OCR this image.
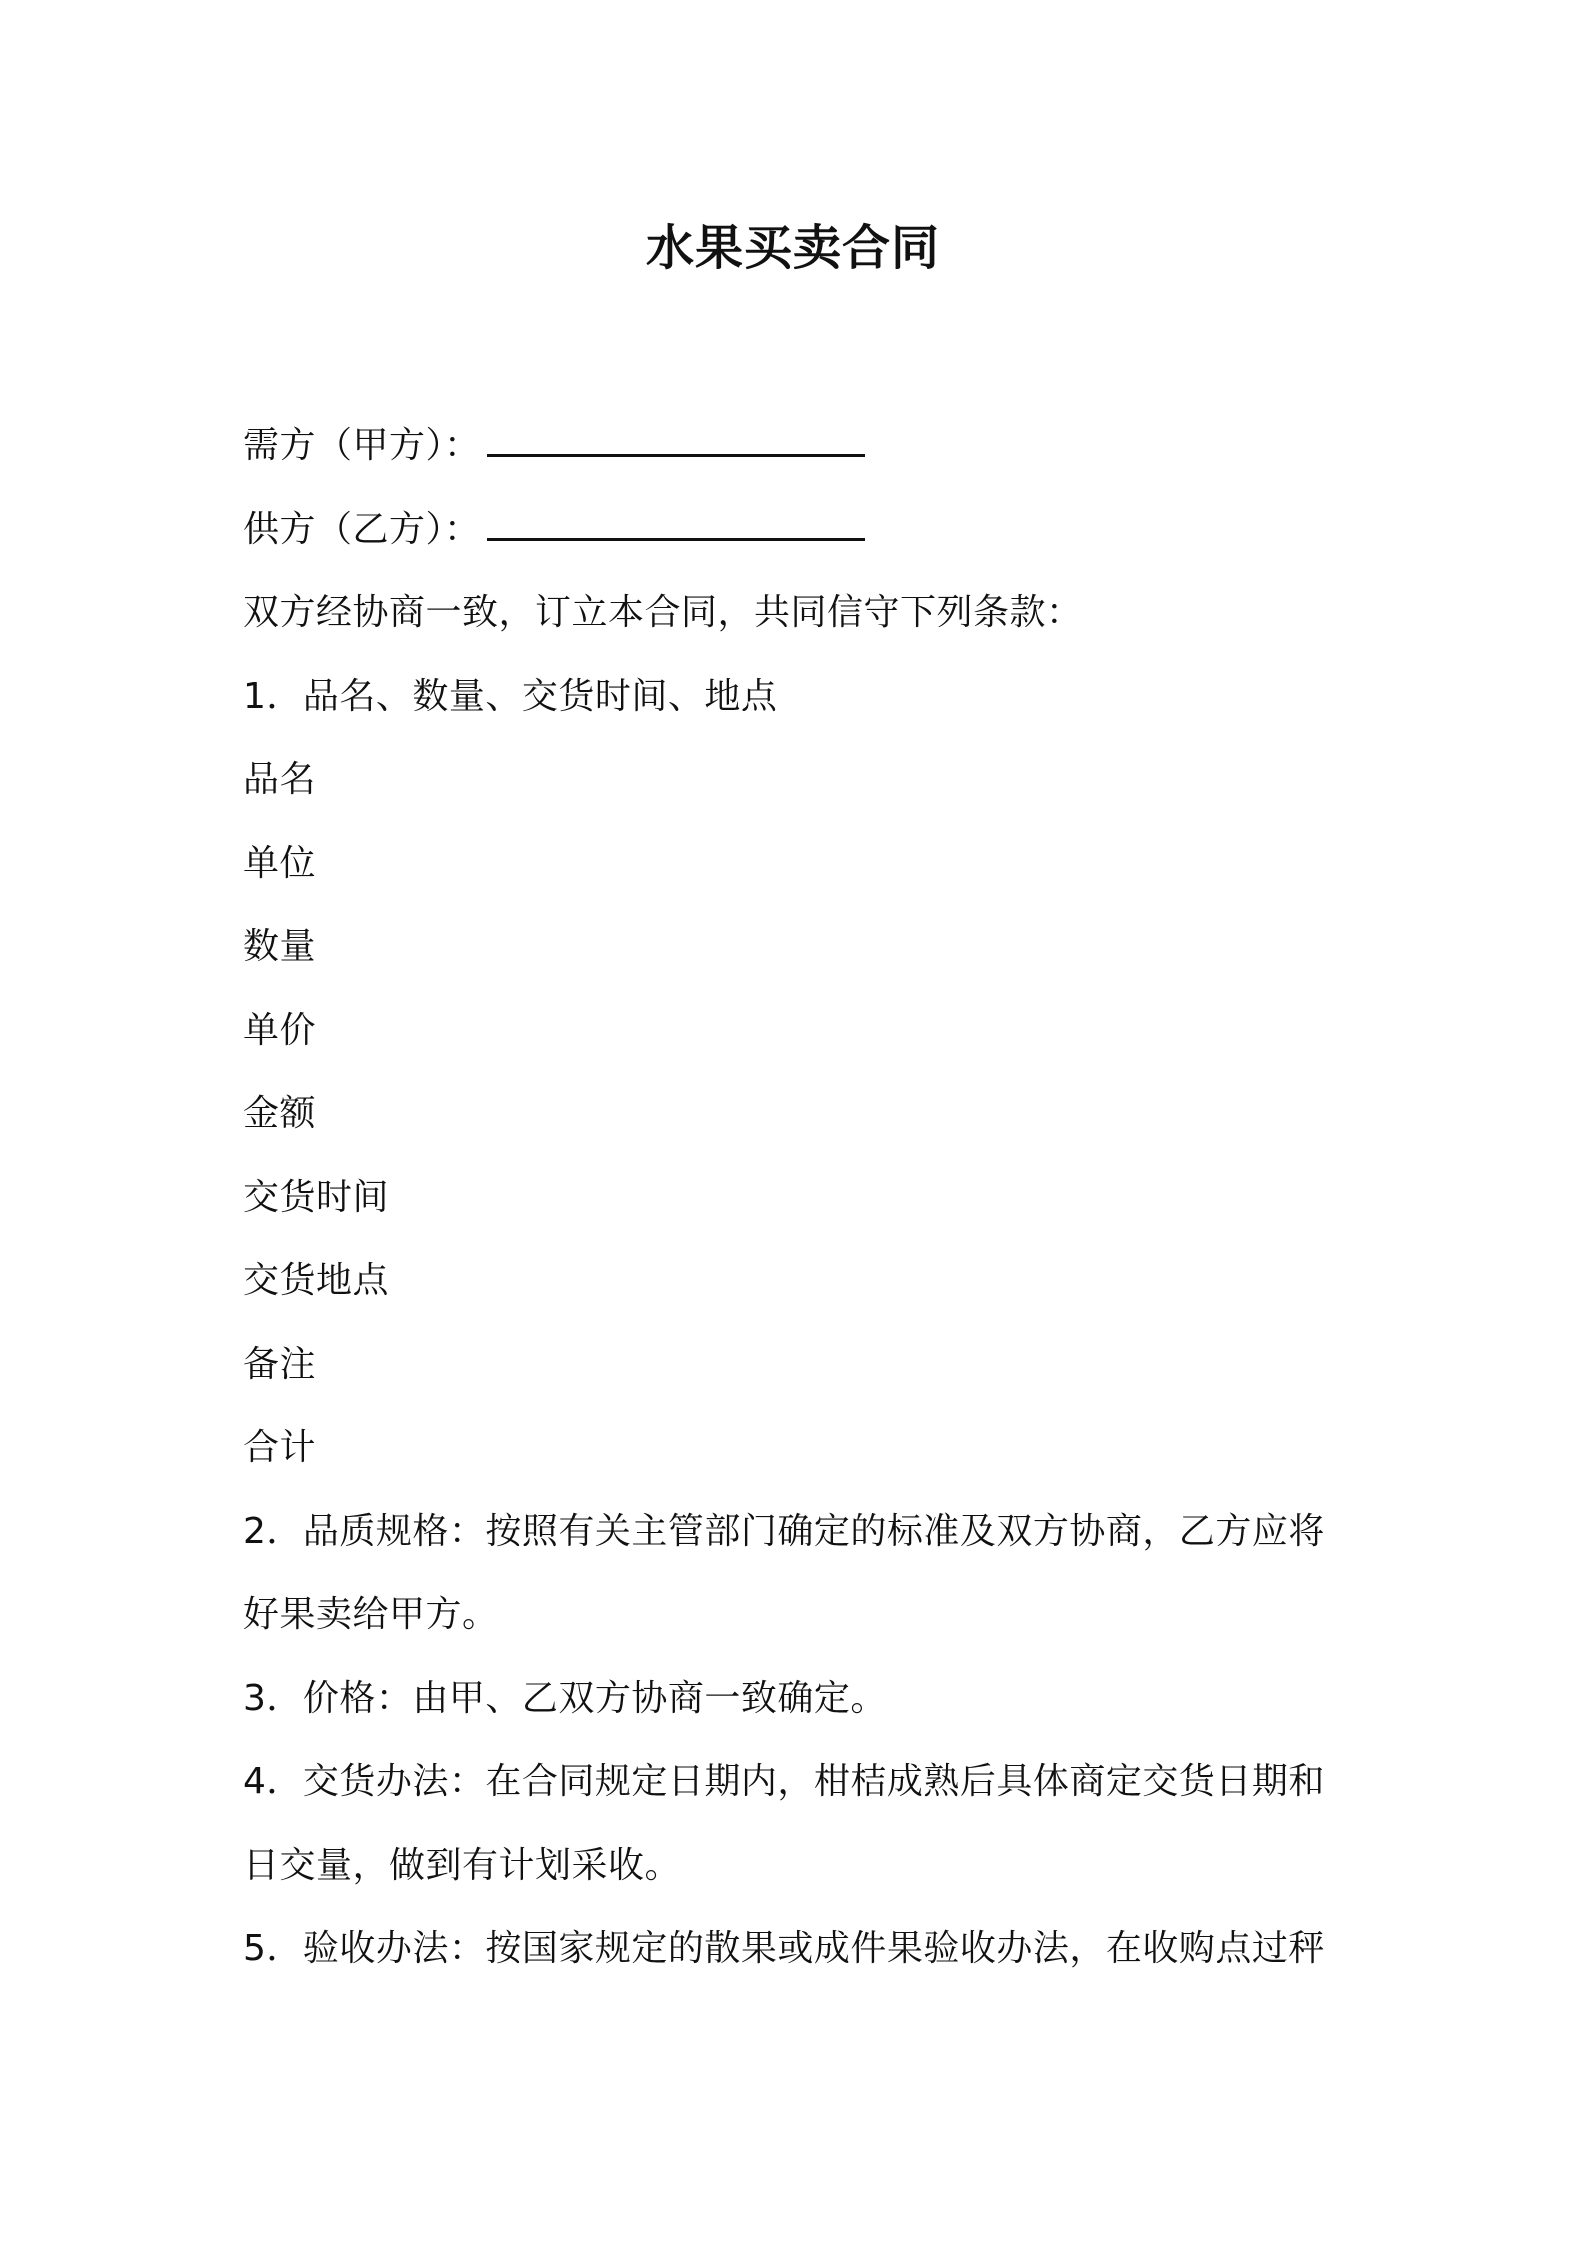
水果买卖合同
需方（甲方）：
供方（乙方）：
双方经协商一致，订立本合同，共同信守下列条款：
1．品名、数量、交货时间、地点
品名
单位
数量
单价
金额
交货时间
交货地点
备注
合计
2．品质规格：按照有关主管部门确定的标准及双方协商，乙方应将
好果卖给甲方。
3．价格：由甲、乙双方协商一致确定。
4．交货办法：在合同规定日期内，柑桔成熟后具体商定交货日期和
日交量，做到有计划采收。
5．验收办法：按国家规定的散果或成件果验收办法，在收购点过秤
